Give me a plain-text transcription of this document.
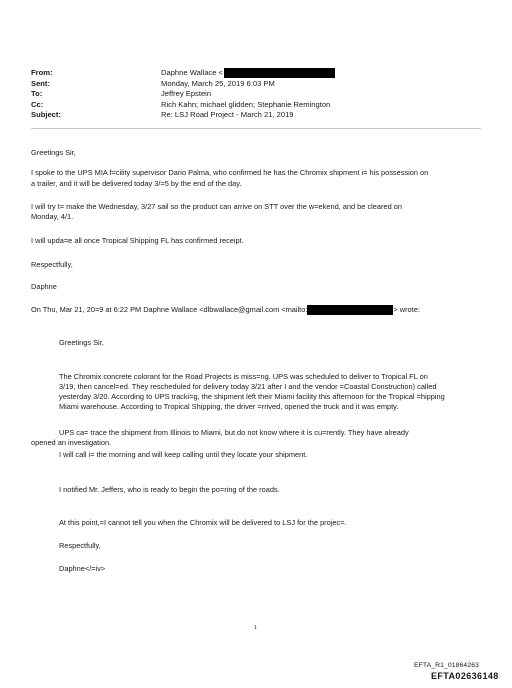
From:	Daphne Wallace <
Sent:	Monday, March 25, 2019 6:03 PM
To:	Jeffrey Epstein
Cc:	Rich Kahn; michael glidden; Stephanie Remington
Subject:	Re: LSJ Road Project - March 21, 2019
Greetings Sir,
I spoke to the UPS MIA f=cility supervisor Dario Palma, who confirmed he has the Chromix shipment i= his possession on
a trailer, and it will be delivered today 3/=5 by the end of the day.
I will try t= make the Wednesday, 3/27 sail so the product can arrive on STT over the w=ekend, and be cleared on
Monday, 4/1.
I will upda=e all once Tropical Shipping FL has confirmed receipt.
Respectfully,
Daphne
On Thu, Mar 21, 20=9 at 6:22 PM Daphne Wallace <dlbwallace@gmail.com <mailto:	> wrote:
Greetings Sir,
The Chromix concrete colorant for the Road Projects is miss=ng. UPS was scheduled to deliver to Tropical FL on
3/19, then cancel=ed. They rescheduled for delivery today 3/21 after I and the vendor =Coastal Construction) called
yesterday 3/20. According to UPS tracki=g, the shipment left their Miami facility this afternoon for the Tropical =hipping
Miami warehouse. According to Tropical Shipping, the driver =rrived, opened the truck and it was empty.
UPS ca= trace the shipment from Illinois to Miami, but do not know where it is cu=rently. They have already
opened an investigation.
I will call i= the morning and will keep calling until they locate your shipment.
I notified Mr. Jeffers, who is ready to begin the po=ring of the roads.
At this point,=I cannot tell you when the Chromix will be delivered to LSJ for the projec=.
Respectfully,
Daphne</=iv>
1
EFTA_R1_01864263
EFTA02636148
